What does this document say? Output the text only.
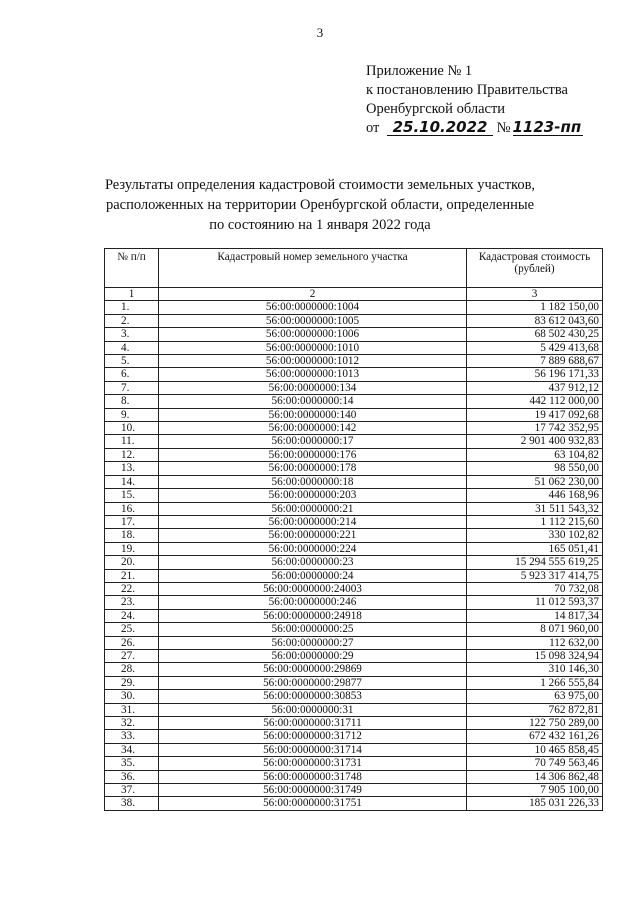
3
Приложение № 1
к постановлению Правительства
Оренбургской области
от 25.10.2022 № 1123-пп
Результаты определения кадастровой стоимости земельных участков, расположенных на территории Оренбургской области, определенные по состоянию на 1 января 2022 года
№ п/п	Кадастровый номер земельного участка	Кадастровая стоимость (рублей)
1	2	3
1.	56:00:0000000:1004	1 182 150,00
2.	56:00:0000000:1005	83 612 043,60
3.	56:00:0000000:1006	68 502 430,25
4.	56:00:0000000:1010	5 429 413,68
5.	56:00:0000000:1012	7 889 688,67
6.	56:00:0000000:1013	56 196 171,33
7.	56:00:0000000:134	437 912,12
8.	56:00:0000000:14	442 112 000,00
9.	56:00:0000000:140	19 417 092,68
10.	56:00:0000000:142	17 742 352,95
11.	56:00:0000000:17	2 901 400 932,83
12.	56:00:0000000:176	63 104,82
13.	56:00:0000000:178	98 550,00
14.	56:00:0000000:18	51 062 230,00
15.	56:00:0000000:203	446 168,96
16.	56:00:0000000:21	31 511 543,32
17.	56:00:0000000:214	1 112 215,60
18.	56:00:0000000:221	330 102,82
19.	56:00:0000000:224	165 051,41
20.	56:00:0000000:23	15 294 555 619,25
21.	56:00:0000000:24	5 923 317 414,75
22.	56:00:0000000:24003	70 732,08
23.	56:00:0000000:246	11 012 593,37
24.	56:00:0000000:24918	14 817,34
25.	56:00:0000000:25	8 071 960,00
26.	56:00:0000000:27	112 632,00
27.	56:00:0000000:29	15 098 324,94
28.	56:00:0000000:29869	310 146,30
29.	56:00:0000000:29877	1 266 555,84
30.	56:00:0000000:30853	63 975,00
31.	56:00:0000000:31	762 872,81
32.	56:00:0000000:31711	122 750 289,00
33.	56:00:0000000:31712	672 432 161,26
34.	56:00:0000000:31714	10 465 858,45
35.	56:00:0000000:31731	70 749 563,46
36.	56:00:0000000:31748	14 306 862,48
37.	56:00:0000000:31749	7 905 100,00
38.	56:00:0000000:31751	185 031 226,33
